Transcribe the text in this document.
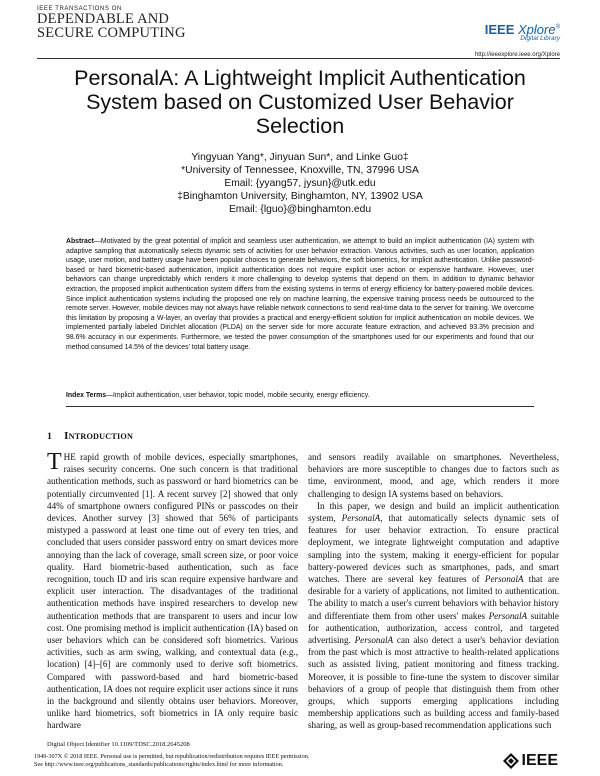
IEEE TRANSACTIONS ON
DEPENDABLE AND
SECURE COMPUTING	IEEE Xplore®
Digital Library
http://ieeexplore.ieee.org/Xplore
PersonalA: A Lightweight Implicit Authentication System based on Customized User Behavior Selection
Yingyuan Yang*, Jinyuan Sun*, and Linke Guo‡
*University of Tennessee, Knoxville, TN, 37996 USA
Email: {yyang57, jysun}@utk.edu
‡Binghamton University, Binghamton, NY, 13902 USA
Email: {lguo}@binghamton.edu
Abstract—Motivated by the great potential of implicit and seamless user authentication, we attempt to build an implicit authentication (IA) system with adaptive sampling that automatically selects dynamic sets of activities for user behavior extraction. Various activities, such as user location, application usage, user motion, and battery usage have been popular choices to generate behaviors, the soft biometrics, for implicit authentication. Unlike password-based or hard biometric-based authentication, implicit authentication does not require explicit user action or expensive hardware. However, user behaviors can change unpredictably which renders it more challenging to develop systems that depend on them. In addition to dynamic behavior extraction, the proposed implicit authentication system differs from the existing systems in terms of energy efficiency for battery-powered mobile devices. Since implicit authentication systems including the proposed one rely on machine learning, the expensive training process needs be outsourced to the remote server. However, mobile devices may not always have reliable network connections to send real-time data to the server for training. We overcome this limitation by proposing a W-layer, an overlay that provides a practical and energy-efficient solution for implicit authentication on mobile devices. We implemented partially labeled Dirichlet allocation (PLDA) on the server side for more accurate feature extraction, and achieved 93.3% precision and 98.6% accuracy in our experiments. Furthermore, we tested the power consumption of the smartphones used for our experiments and found that our method consumed 14.5% of the devices' total battery usage.
Index Terms—Implicit authentication, user behavior, topic model, mobile security, energy efficiency.
1 INTRODUCTION

THE rapid growth of mobile devices, especially smartphones, raises security concerns. One such concern is that traditional authentication methods, such as password or hard biometrics can be potentially circumvented [1]. A recent survey [2] showed that only 44% of smartphone owners configured PINs or passcodes on their devices. Another survey [3] showed that 56% of participants mistyped a password at least one time out of every ten tries, and concluded that users consider password entry on smart devices more annoying than the lack of coverage, small screen size, or poor voice quality. Hard biometric-based authentication, such as face recognition, touch ID and iris scan require expensive hardware and explicit user interaction. The disadvantages of the traditional authentication methods have inspired researchers to develop new authentication methods that are transparent to users and incur low cost. One promising method is implicit authentication (IA) based on user behaviors which can be considered soft biometrics. Various activities, such as arm swing, walking, and contextual data (e.g., location) [4]–[6] are commonly used to derive soft biometrics. Compared with password-based and hard biometric-based authentication, IA does not require explicit user actions since it runs in the background and silently obtains user behaviors. Moreover, unlike hard biometrics, soft biometrics in IA only require basic hardware

and sensors readily available on smartphones. Nevertheless, behaviors are more susceptible to changes due to factors such as time, environment, mood, and age, which renders it more challenging to design IA systems based on behaviors.

In this paper, we design and build an implicit authentication system, PersonalA, that automatically selects dynamic sets of features for user behavior extraction. To ensure practical deployment, we integrate lightweight computation and adaptive sampling into the system, making it energy-efficient for popular battery-powered devices such as smartphones, pads, and smart watches. There are several key features of PersonalA that are desirable for a variety of applications, not limited to authentication. The ability to match a user's current behaviors with behavior history and differentiate them from other users' makes PersonalA suitable for authentication, authorization, access control, and targeted advertising. PersonalA can also detect a user's behavior deviation from the past which is most attractive to health-related applications such as assisted living, patient monitoring and fitness tracking. Moreover, it is possible to fine-tune the system to discover similar behaviors of a group of people that distinguish them from other groups, which supports emerging applications including membership applications such as building access and family-based sharing, as well as group-based recommendation applications such

Digital Object Identifier 10.1109/TDSC.2018.2645208
1949-307X © 2018 IEEE. Personal use is permitted, but republication/redistribution requires IEEE permission.
See http://www.ieee.org/publications_standards/publications/rights/index.html for more information.	IEEE
